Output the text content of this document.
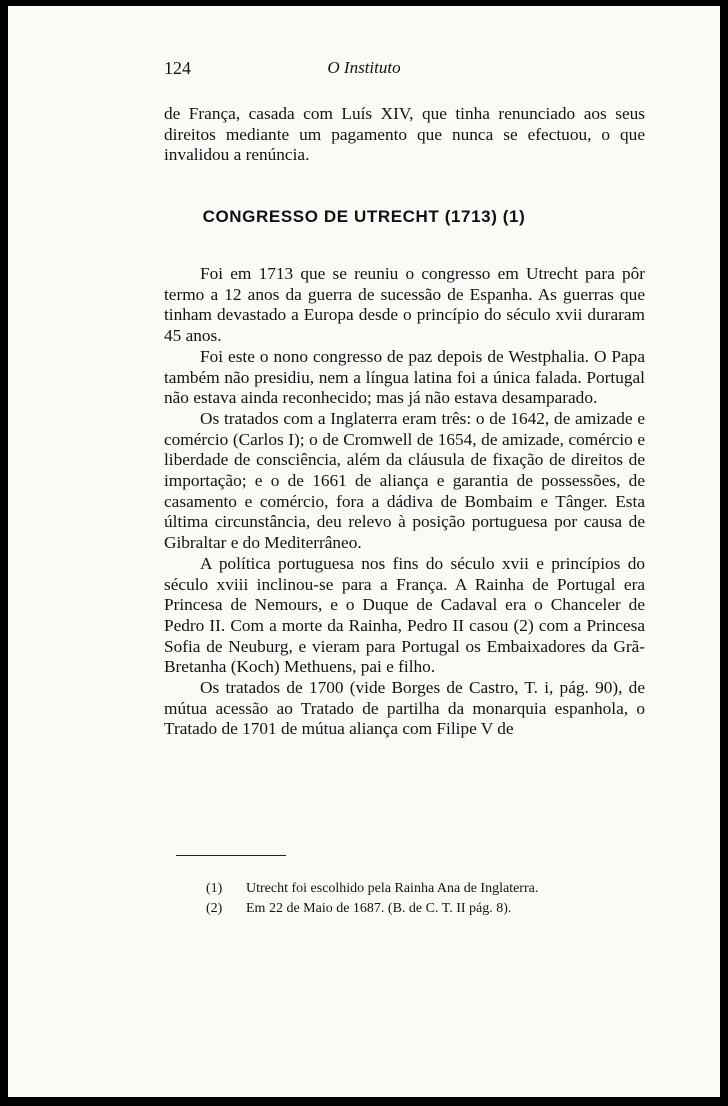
124	O Instituto

de França, casada com Luís XIV, que tinha renunciado aos seus direitos mediante um pagamento que nunca se efectuou, o que invalidou a renúncia.

CONGRESSO DE UTRECHT (1713) (1)

Foi em 1713 que se reuniu o congresso em Utrecht para pôr termo a 12 anos da guerra de sucessão de Espanha. As guerras que tinham devastado a Europa desde o princípio do século xvii duraram 45 anos.

Foi este o nono congresso de paz depois de Westphalia. O Papa também não presidiu, nem a língua latina foi a única falada. Portugal não estava ainda reconhecido; mas já não estava desamparado.

Os tratados com a Inglaterra eram três: o de 1642, de amizade e comércio (Carlos I); o de Cromwell de 1654, de amizade, comércio e liberdade de consciência, além da cláusula de fixação de direitos de importação; e o de 1661 de aliança e garantia de possessões, de casamento e comércio, fora a dádiva de Bombaim e Tânger. Esta última circunstância, deu relevo à posição portuguesa por causa de Gibraltar e do Mediterrâneo.

A política portuguesa nos fins do século xvii e princípios do século xviii inclinou-se para a França. A Rainha de Portugal era Princesa de Nemours, e o Duque de Cadaval era o Chanceler de Pedro II. Com a morte da Rainha, Pedro II casou (2) com a Princesa Sofia de Neuburg, e vieram para Portugal os Embaixadores da Grã-Bretanha (Koch) Methuens, pai e filho.

Os tratados de 1700 (vide Borges de Castro, T. i, pág. 90), de mútua acessão ao Tratado de partilha da monarquia espanhola, o Tratado de 1701 de mútua aliança com Filipe V de

(1) Utrecht foi escolhido pela Rainha Ana de Inglaterra.
(2) Em 22 de Maio de 1687. (B. de C. T. II pág. 8).
